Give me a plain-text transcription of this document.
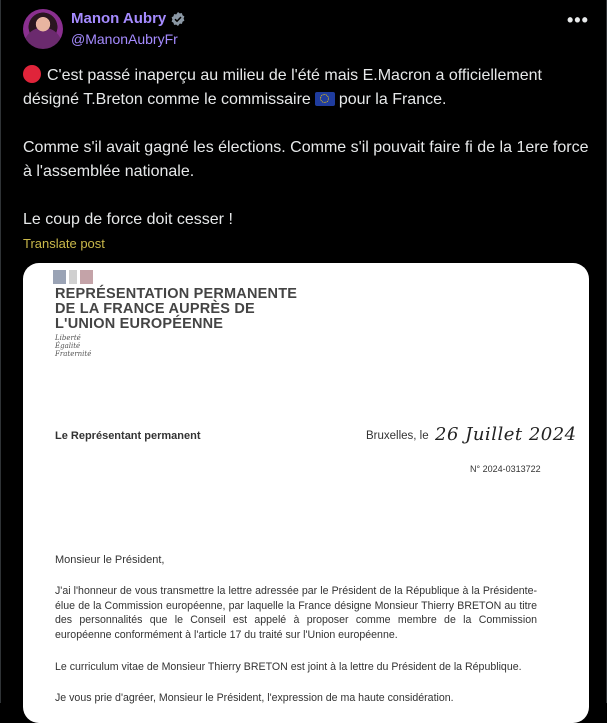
Manon Aubry
@ManonAubryFr
•••

C'est passé inaperçu au milieu de l'été mais E.Macron a officiellement désigné T.Breton comme le commissaire pour la France.

Comme s'il avait gagné les élections. Comme s'il pouvait faire fi de la 1ere force à l'assemblée nationale.

Le coup de force doit cesser !

Translate post
REPRÉSENTATION PERMANENTE
DE LA FRANCE AUPRÈS DE
L'UNION EUROPÉENNE
Liberté
Égalité
Fraternité
Le Représentant permanent	Bruxelles, le 26 Juillet 2024
N° 2024-0313722
Monsieur le Président,
J'ai l'honneur de vous transmettre la lettre adressée par le Président de la République à la Présidente-élue de la Commission européenne, par laquelle la France désigne Monsieur Thierry BRETON au titre des personnalités que le Conseil est appelé à proposer comme membre de la Commission européenne conformément à l'article 17 du traité sur l'Union européenne.
Le curriculum vitae de Monsieur Thierry BRETON est joint à la lettre du Président de la République.
Je vous prie d'agréer, Monsieur le Président, l'expression de ma haute considération.
